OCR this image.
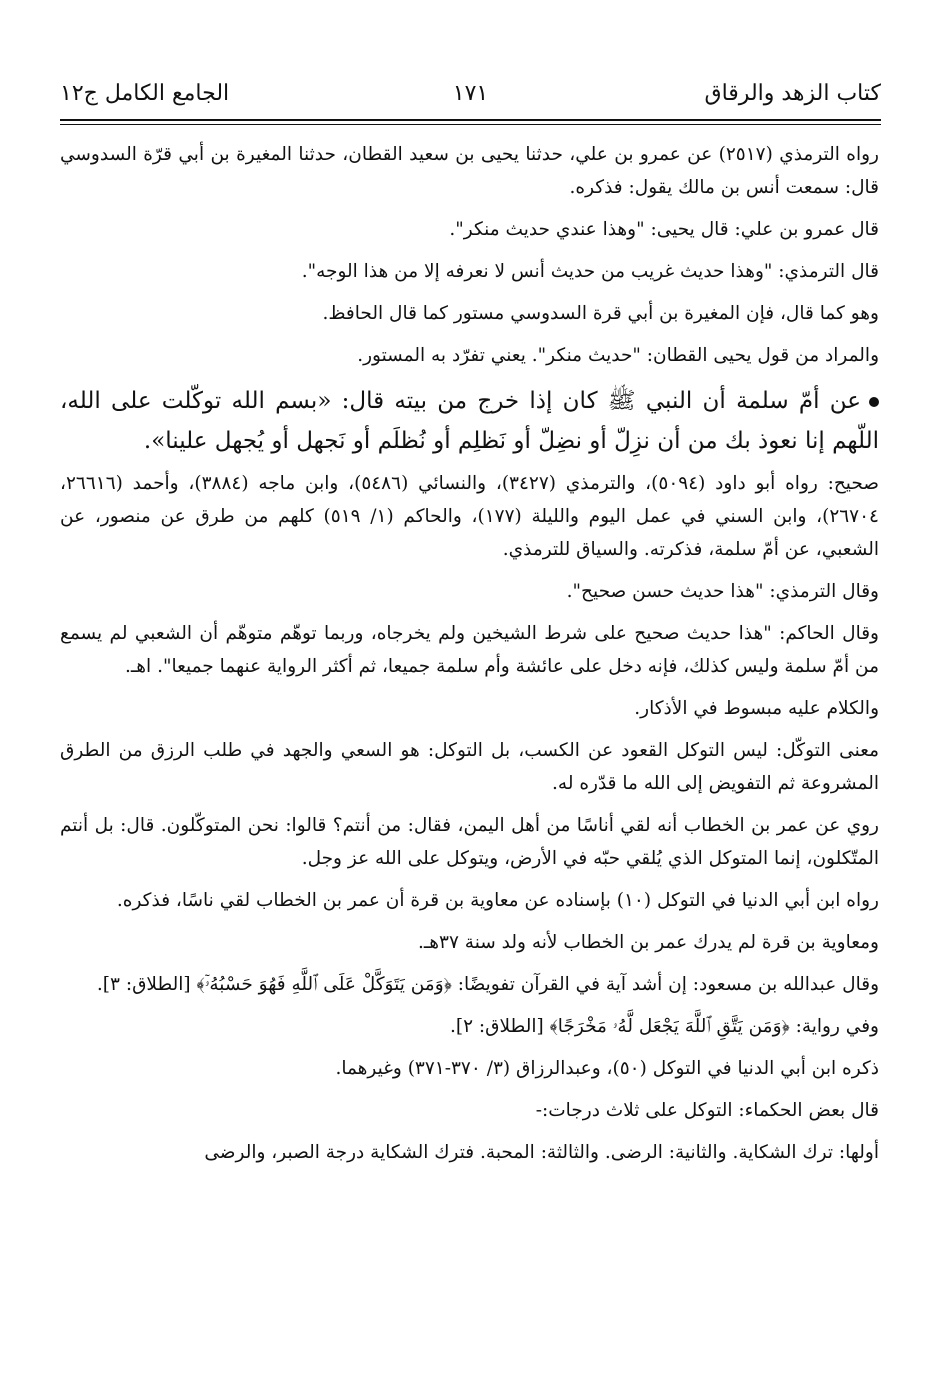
كتاب الزهد والرقاق
١٧١
الجامع الكامل ج١٢

رواه الترمذي (٢٥١٧) عن عمرو بن علي، حدثنا يحيى بن سعيد القطان، حدثنا المغيرة بن أبي قرّة السدوسي قال: سمعت أنس بن مالك يقول: فذكره.

قال عمرو بن علي: قال يحيى: "وهذا عندي حديث منكر".

قال الترمذي: "وهذا حديث غريب من حديث أنس لا نعرفه إلا من هذا الوجه".

وهو كما قال، فإن المغيرة بن أبي قرة السدوسي مستور كما قال الحافظ.

والمراد من قول يحيى القطان: "حديث منكر". يعني تفرّد به المستور.

عن أمّ سلمة أن النبي ﷺ كان إذا خرج من بيته قال: «بسم الله توكّلت على الله، اللّهم إنا نعوذ بك من أن نزِلّ أو نضِلّ أو نَظلِم أو نُظلَم أو نَجهل أو يُجهل علينا».

صحيح: رواه أبو داود (٥٠٩٤)، والترمذي (٣٤٢٧)، والنسائي (٥٤٨٦)، وابن ماجه (٣٨٨٤)، وأحمد (٢٦٦١٦، ٢٦٧٠٤)، وابن السني في عمل اليوم والليلة (١٧٧)، والحاكم (١/ ٥١٩) كلهم من طرق عن منصور، عن الشعبي، عن أمّ سلمة، فذكرته. والسياق للترمذي.

وقال الترمذي: "هذا حديث حسن صحيح".

وقال الحاكم: "هذا حديث صحيح على شرط الشيخين ولم يخرجاه، وربما توهّم متوهّم أن الشعبي لم يسمع من أمّ سلمة وليس كذلك، فإنه دخل على عائشة وأم سلمة جميعا، ثم أكثر الرواية عنهما جميعا". اهـ.

والكلام عليه مبسوط في الأذكار.

معنى التوكّل: ليس التوكل القعود عن الكسب، بل التوكل: هو السعي والجهد في طلب الرزق من الطرق المشروعة ثم التفويض إلى الله ما قدّره له.

روي عن عمر بن الخطاب أنه لقي أناسًا من أهل اليمن، فقال: من أنتم؟ قالوا: نحن المتوكّلون. قال: بل أنتم المتّكلون، إنما المتوكل الذي يُلقي حبّه في الأرض، ويتوكل على الله عز وجل.

رواه ابن أبي الدنيا في التوكل (١٠) بإسناده عن معاوية بن قرة أن عمر بن الخطاب لقي ناسًا، فذكره.

ومعاوية بن قرة لم يدرك عمر بن الخطاب لأنه ولد سنة ٣٧هـ.

وقال عبدالله بن مسعود: إن أشد آية في القرآن تفويضًا: ﴿وَمَن يَتَوَكَّلْ عَلَى ٱللَّهِ فَهُوَ حَسْبُهُۥٓ﴾ [الطلاق: ٣].

وفي رواية: ﴿وَمَن يَتَّقِ ٱللَّهَ يَجْعَل لَّهُۥ مَخْرَجًا﴾ [الطلاق: ٢].

ذكره ابن أبي الدنيا في التوكل (٥٠)، وعبدالرزاق (٣/ ٣٧٠-٣٧١) وغيرهما.

قال بعض الحكماء: التوكل على ثلاث درجات:-

أولها: ترك الشكاية. والثانية: الرضى. والثالثة: المحبة. فترك الشكاية درجة الصبر، والرضى
